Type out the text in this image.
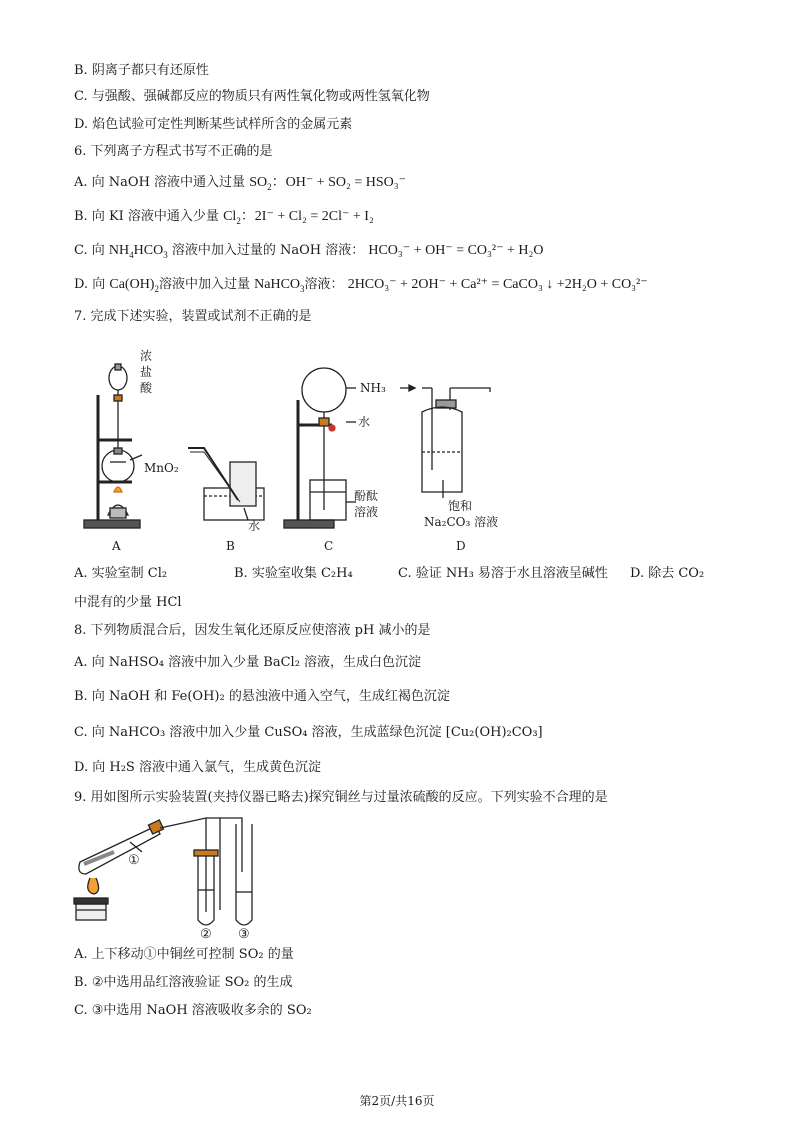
B. 阴离子都只有还原性
C. 与强酸、强碱都反应的物质只有两性氧化物或两性氢氧化物
D. 焰色试验可定性判断某些试样所含的金属元素
6. 下列离子方程式书写不正确的是
A. 向 NaOH 溶液中通入过量 $SO_2$：OH⁻ + SO₂ = HSO₃⁻
B. 向 KI 溶液中通入少量 $Cl_2$：2I⁻ + Cl₂ = 2Cl⁻ + I₂
C. 向 $NH_4HCO_3$ 溶液中加入过量的 NaOH 溶液： HCO₃⁻ + OH⁻ = CO₃²⁻ + H₂O
D. 向 $Ca(OH)_2$溶液中加入过量 NaHCO$_3$溶液： 2HCO₃⁻ + 2OH⁻ + Ca²⁺ = CaCO₃ ↓ +2H₂O + CO₃²⁻
7. 完成下述实验，装置或试剂不正确的是
浓
盐
酸
MnO₂
水
NH₃
水
酚酞
溶液	饱和
Na₂CO₃ 溶液
A	B	C	D
A. 实验室制 Cl₂	B. 实验室收集 C₂H₄	C. 验证 NH₃ 易溶于水且溶液呈碱性 D. 除去 CO₂
中混有的少量 HCl
8. 下列物质混合后，因发生氧化还原反应使溶液 pH 减小的是
A. 向 NaHSO₄ 溶液中加入少量 BaCl₂ 溶液，生成白色沉淀
B. 向 NaOH 和 Fe(OH)₂ 的悬浊液中通入空气，生成红褐色沉淀
C. 向 NaHCO₃ 溶液中加入少量 CuSO₄ 溶液，生成蓝绿色沉淀 [Cu₂(OH)₂CO₃]
D. 向 H₂S 溶液中通入氯气，生成黄色沉淀
9. 用如图所示实验装置(夹持仪器已略去)探究铜丝与过量浓硫酸的反应。下列实验不合理的是
①
② ③
A. 上下移动①中铜丝可控制 SO₂ 的量
B. ②中选用品红溶液验证 SO₂ 的生成
C. ③中选用 NaOH 溶液吸收多余的 SO₂
第2页/共16页
